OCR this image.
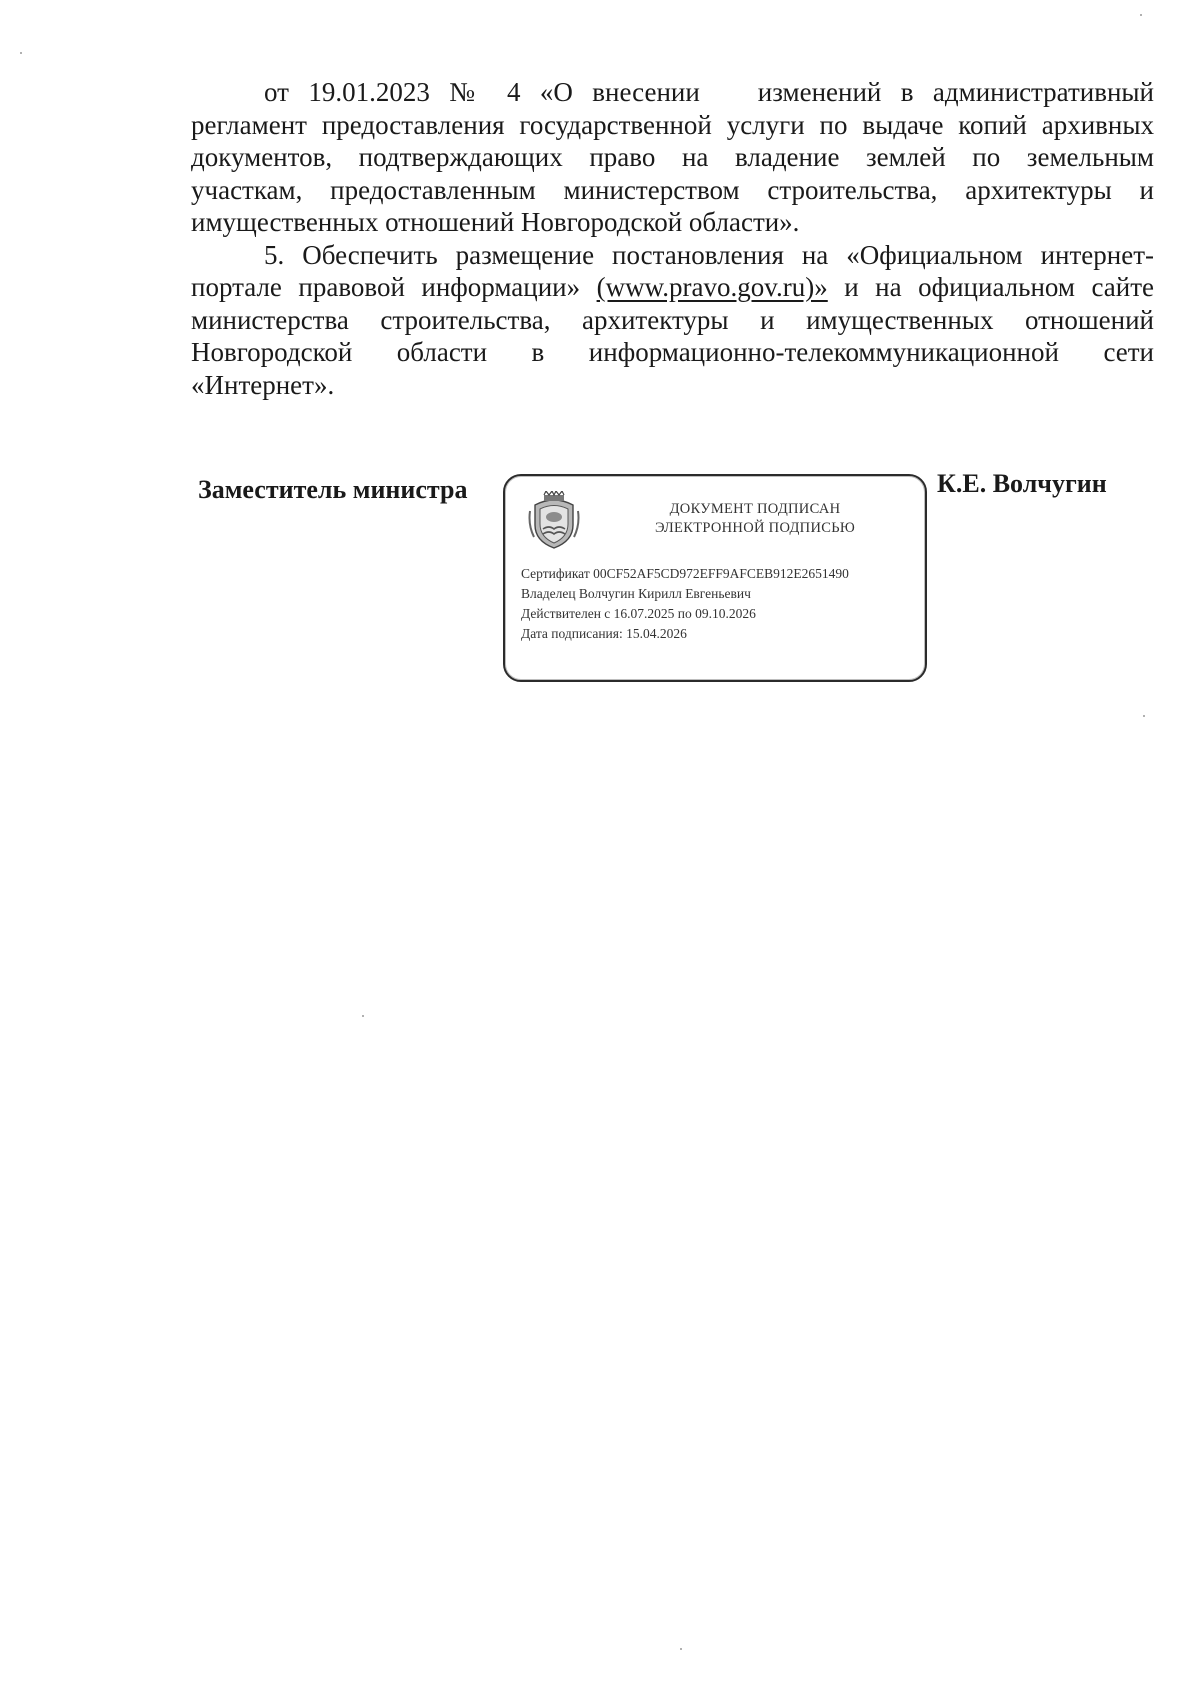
от 19.01.2023 № 4 «О внесении изменений в административный
регламент предоставления государственной услуги по выдаче копий архивных
документов, подтверждающих право на владение землей по земельным
участкам, предоставленным министерством строительства, архитектуры и
имущественных отношений Новгородской области».

5. Обеспечить размещение постановления на «Официальном интернет-
портале правовой информации» (www.pravo.gov.ru)» и на официальном сайте
министерства строительства, архитектуры и имущественных отношений
Новгородской области в информационно-телекоммуникационной сети
«Интернет».

Заместитель министра
ДОКУМЕНТ ПОДПИСАН
ЭЛЕКТРОННОЙ ПОДПИСЬЮ
Сертификат 00CF52AF5CD972EFF9AFCEB912E2651490
Владелец Волчугин Кирилл Евгеньевич
Действителен с 16.07.2025 по 09.10.2026
Дата подписания: 15.04.2026
К.Е. Волчугин
